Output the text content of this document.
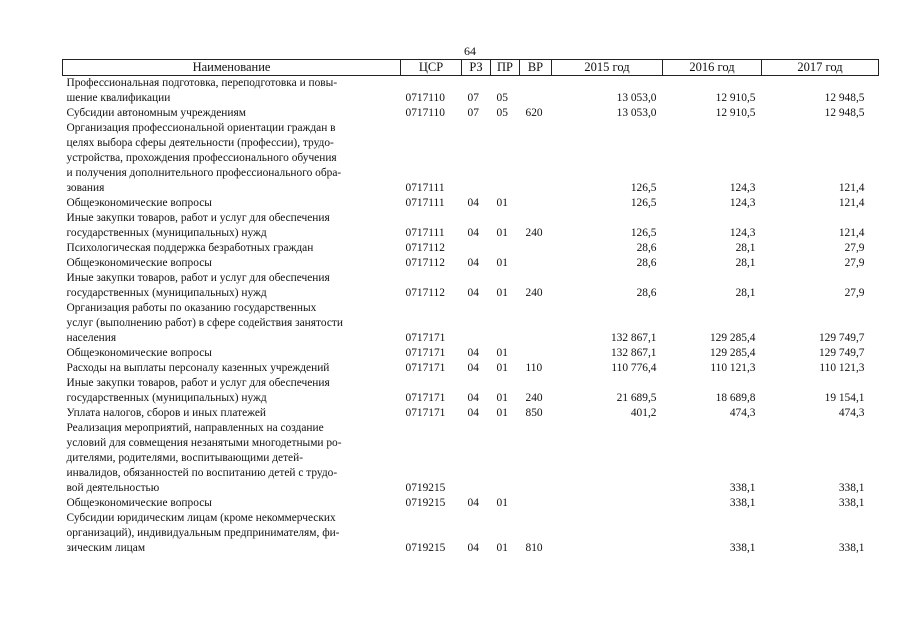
64
Наименование	ЦСР	РЗ	ПР	ВР	2015 год	2016 год	2017 год
Профессиональная подготовка, переподготовка и повы-
шение квалификации	0717110	07	05		13 053,0	12 910,5	12 948,5
Субсидии автономным учреждениям	0717110	07	05	620	13 053,0	12 910,5	12 948,5
Организация профессиональной ориентации граждан в
целях выбора сферы деятельности (профессии), трудо-
устройства, прохождения профессионального обучения
и получения дополнительного профессионального обра-
зования	0717111				126,5	124,3	121,4
Общеэкономические вопросы	0717111	04	01		126,5	124,3	121,4
Иные закупки товаров, работ и услуг для обеспечения
государственных (муниципальных) нужд	0717111	04	01	240	126,5	124,3	121,4
Психологическая поддержка безработных граждан	0717112				28,6	28,1	27,9
Общеэкономические вопросы	0717112	04	01		28,6	28,1	27,9
Иные закупки товаров, работ и услуг для обеспечения
государственных (муниципальных) нужд	0717112	04	01	240	28,6	28,1	27,9
Организация работы по оказанию государственных
услуг (выполнению работ) в сфере содействия занятости
населения	0717171				132 867,1	129 285,4	129 749,7
Общеэкономические вопросы	0717171	04	01		132 867,1	129 285,4	129 749,7
Расходы на выплаты персоналу казенных учреждений	0717171	04	01	110	110 776,4	110 121,3	110 121,3
Иные закупки товаров, работ и услуг для обеспечения
государственных (муниципальных) нужд	0717171	04	01	240	21 689,5	18 689,8	19 154,1
Уплата налогов, сборов и иных платежей	0717171	04	01	850	401,2	474,3	474,3
Реализация мероприятий, направленных на создание
условий для совмещения незанятыми многодетными ро-
дителями, родителями, воспитывающими детей-
инвалидов, обязанностей по воспитанию детей с трудо-
вой деятельностью	0719215					338,1	338,1
Общеэкономические вопросы	0719215	04	01			338,1	338,1
Субсидии юридическим лицам (кроме некоммерческих
организаций), индивидуальным предпринимателям, фи-
зическим лицам	0719215	04	01	810		338,1	338,1
